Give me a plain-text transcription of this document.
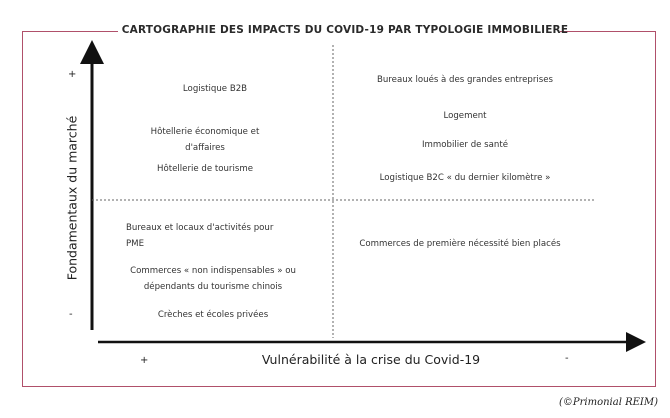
CARTOGRAPHIE DES IMPACTS DU COVID-19 PAR TYPOLOGIE IMMOBILIERE
+
-
Fondamentaux du marché
+	-
Vulnérabilité à la crise du Covid-19
Logistique B2B
Hôtellerie économique et
d'affaires
Hôtellerie de tourisme
Bureaux loués à des grandes entreprises
Logement
Immobilier de santé
Logistique B2C « du dernier kilomètre »
Bureaux et locaux d'activités pour
PME
Commerces « non indispensables » ou
dépendants du tourisme chinois
Crèches et écoles privées
Commerces de première nécessité bien placés
(©Primonial REIM)
